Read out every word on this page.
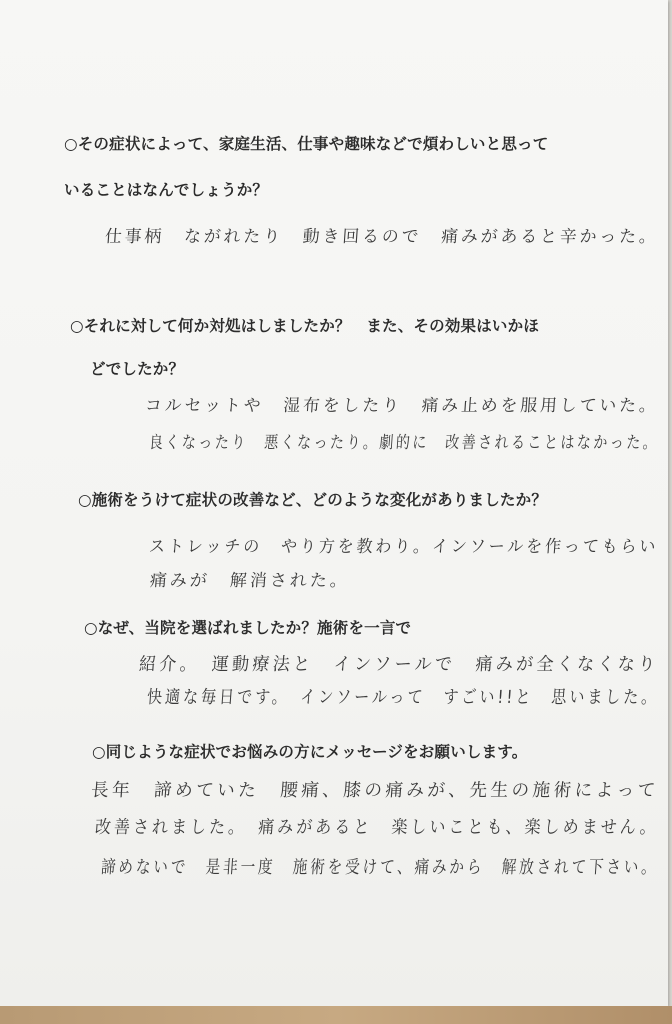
○その症状によって、家庭生活、仕事や趣味などで煩わしいと思って
いることはなんでしょうか？
仕事柄　ながれたり　動き回るので　痛みがあると辛かった。
○それに対して何か対処はしましたか？　また、その効果はいかほ
どでしたか？
コルセットや　湿布をしたり　痛み止めを服用していた。
良くなったり　悪くなったり。劇的に　改善されることはなかった。
○施術をうけて症状の改善など、どのような変化がありましたか？
ストレッチの　やり方を教わり。インソールを作ってもらい
痛みが　解消された。
○なぜ、当院を選ばれましたか？施術を一言で
紹介。　運動療法と　インソールで　痛みが全くなくなり
快適な毎日です。　インソールって　すごい!!と　思いました。
○同じような症状でお悩みの方にメッセージをお願いします。
長年　諦めていた　腰痛、膝の痛みが、先生の施術によって
改善されました。　痛みがあると　楽しいことも、楽しめません。
諦めないで　是非一度　施術を受けて、痛みから　解放されて下さい。
